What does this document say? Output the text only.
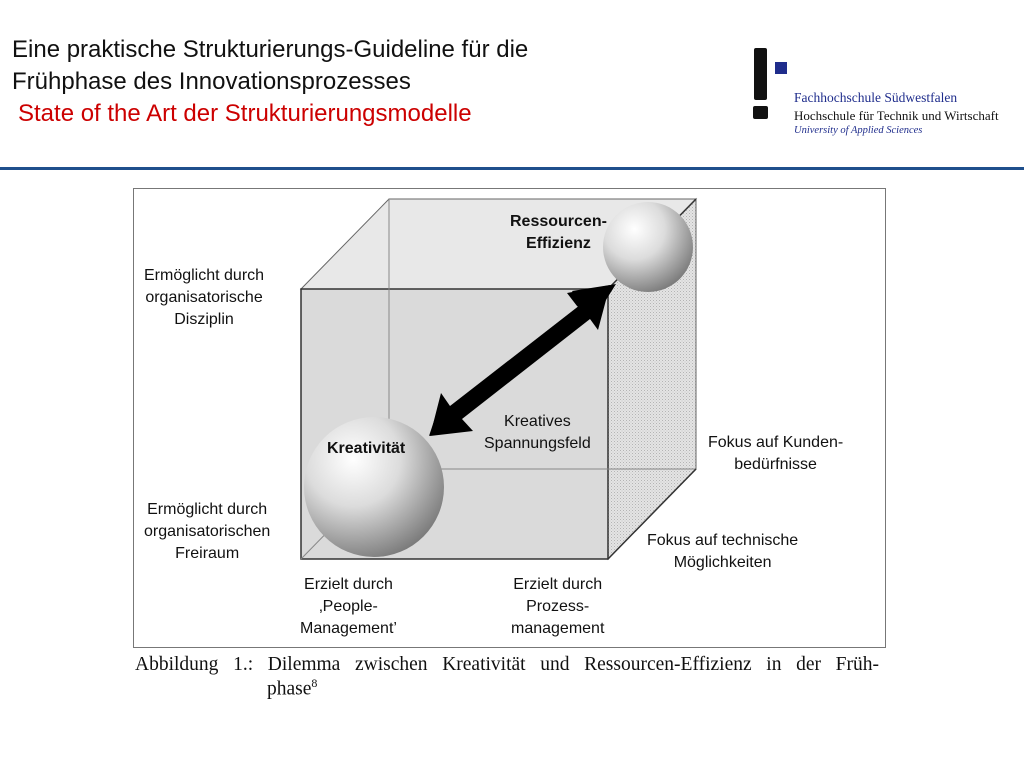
Eine praktische Strukturierungs-Guideline für die
Frühphase des Innovationsprozesses
State of the Art der Strukturierungsmodelle
Fachhochschule Südwestfalen
Hochschule für Technik und Wirtschaft
University of Applied Sciences
Ressourcen-
Effizienz
Kreativität
Kreatives
Spannungsfeld
Ermöglicht durch
organisatorische
Disziplin
Ermöglicht durch
organisatorischen
Freiraum
Erzielt durch
‚People-
Management’
Erzielt durch
Prozess-
management
Fokus auf Kunden-
bedürfnisse
Fokus auf technische
Möglichkeiten
Abbildung 1.: Dilemma zwischen Kreativität und Ressourcen-Effizienz in der Früh-
phase$^8$
